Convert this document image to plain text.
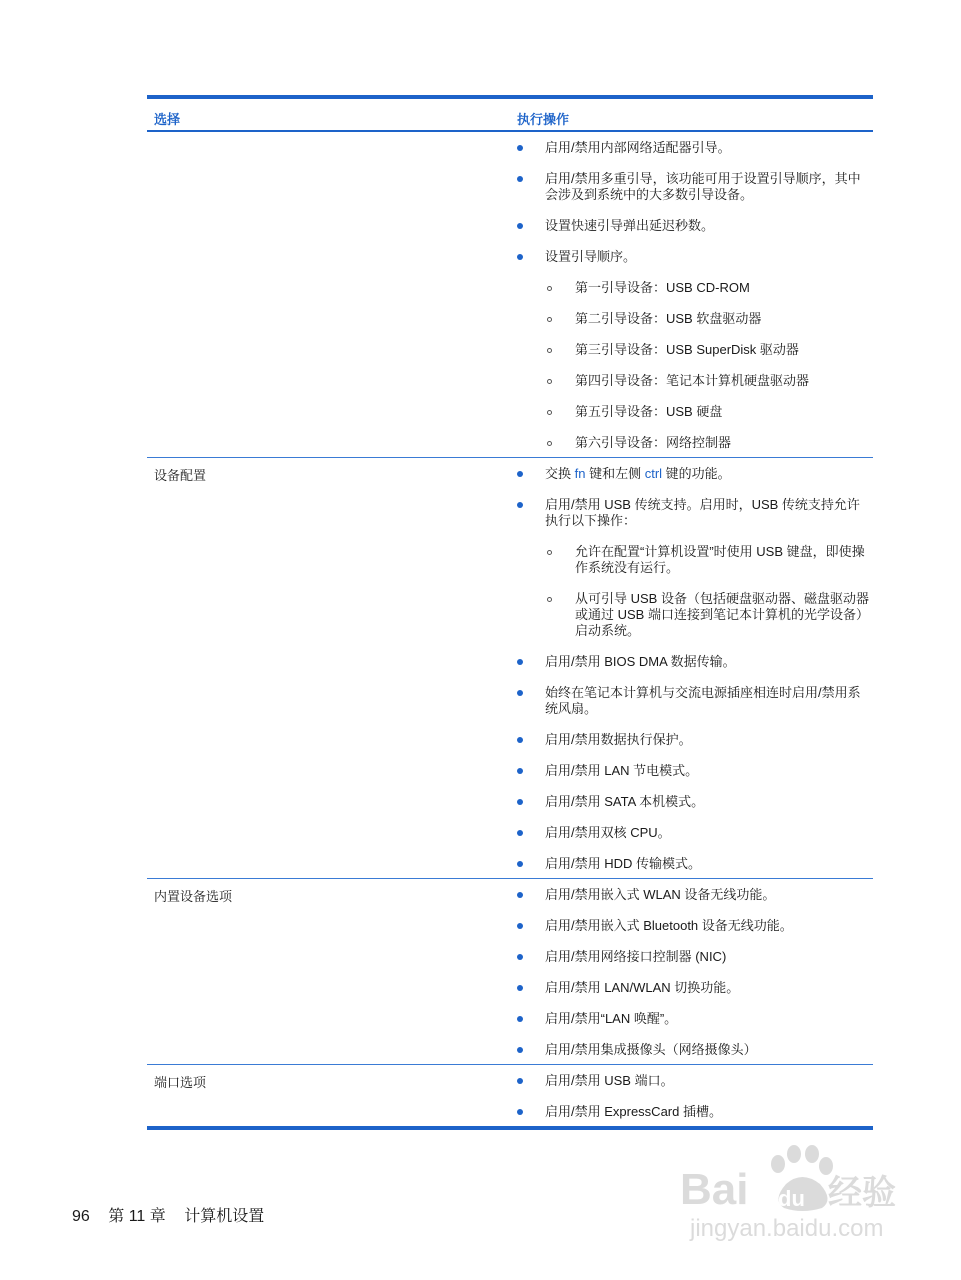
选择	执行操作
启用/禁用内部网络适配器引导。
启用/禁用多重引导，该功能可用于设置引导顺序，其中会涉及到系统中的大多数引导设备。
设置快速引导弹出延迟秒数。
设置引导顺序。
第一引导设备：USB CD-ROM
第二引导设备：USB 软盘驱动器
第三引导设备：USB SuperDisk 驱动器
第四引导设备：笔记本计算机硬盘驱动器
第五引导设备：USB 硬盘
第六引导设备：网络控制器
设备配置	交换 fn 键和左侧 ctrl 键的功能。
启用/禁用 USB 传统支持。启用时，USB 传统支持允许执行以下操作：
允许在配置“计算机设置”时使用 USB 键盘，即使操作系统没有运行。
从可引导 USB 设备（包括硬盘驱动器、磁盘驱动器或通过 USB 端口连接到笔记本计算机的光学设备）启动系统。
启用/禁用 BIOS DMA 数据传输。
始终在笔记本计算机与交流电源插座相连时启用/禁用系统风扇。
启用/禁用数据执行保护。
启用/禁用 LAN 节电模式。
启用/禁用 SATA 本机模式。
启用/禁用双核 CPU。
启用/禁用 HDD 传输模式。
内置设备选项	启用/禁用嵌入式 WLAN 设备无线功能。
启用/禁用嵌入式 Bluetooth 设备无线功能。
启用/禁用网络接口控制器 (NIC)
启用/禁用 LAN/WLAN 切换功能。
启用/禁用“LAN 唤醒”。
启用/禁用集成摄像头（网络摄像头）
端口选项	启用/禁用 USB 端口。
启用/禁用 ExpressCard 插槽。
96 第 11 章 计算机设置
Bai du 经验
jingyan.baidu.com
